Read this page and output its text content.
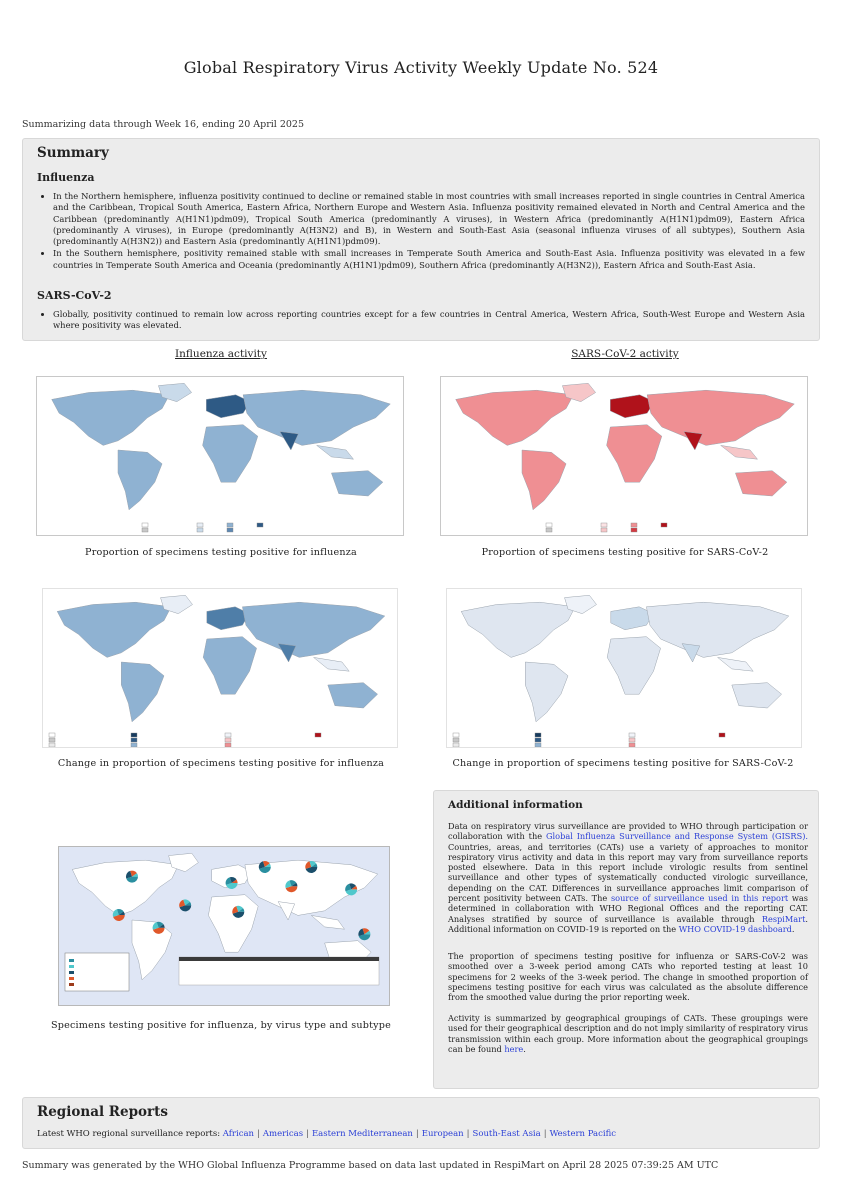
Global Respiratory Virus Activity Weekly Update No. 524
Summarizing data through Week 16, ending 20 April 2025
Summary
Influenza
• In the Northern hemisphere, influenza positivity continued to decline or remained stable in most countries with small increases reported in single countries in Central America and the Caribbean, Tropical South America, Eastern Africa, Northern Europe and Western Asia. Influenza positivity remained elevated in North and Central America and the Caribbean (predominantly A(H1N1)pdm09), Tropical South America (predominantly A viruses), in Western Africa (predominantly A(H1N1)pdm09), Eastern Africa (predominantly A viruses), in Europe (predominantly A(H3N2) and B), in Western and South-East Asia (seasonal influenza viruses of all subtypes), Southern Asia (predominantly A(H3N2)) and Eastern Asia (predominantly A(H1N1)pdm09).
• In the Southern hemisphere, positivity remained stable with small increases in Temperate South America and South-East Asia. Influenza positivity was elevated in a few countries in Temperate South America and Oceania (predominantly A(H1N1)pdm09), Southern Africa (predominantly A(H3N2)), Eastern Africa and South-East Asia.
SARS-CoV-2
• Globally, positivity continued to remain low across reporting countries except for a few countries in Central America, Western Africa, South-West Europe and Western Asia where positivity was elevated.
Influenza activity	SARS-CoV-2 activity
Proportion of specimens testing positive for influenza	Proportion of specimens testing positive for SARS-CoV-2
Change in proportion of specimens testing positive for influenza	Change in proportion of specimens testing positive for SARS-CoV-2
Specimens testing positive for influenza, by virus type and subtype
Additional information
Data on respiratory virus surveillance are provided to WHO through participation or collaboration with the Global Influenza Surveillance and Response System (GISRS). Countries, areas, and territories (CATs) use a variety of approaches to monitor respiratory virus activity and data in this report may vary from surveillance reports posted elsewhere. Data in this report include virologic results from sentinel surveillance and other types of systematically conducted virologic surveillance, depending on the CAT. Differences in surveillance approaches limit comparison of percent positivity between CATs. The source of surveillance used in this report was determined in collaboration with WHO Regional Offices and the reporting CAT. Analyses stratified by source of surveillance is available through RespiMart. Additional information on COVID-19 is reported on the WHO COVID-19 dashboard.
The proportion of specimens testing positive for influenza or SARS-CoV-2 was smoothed over a 3-week period among CATs who reported testing at least 10 specimens for 2 weeks of the 3-week period. The change in smoothed proportion of specimens testing positive for each virus was calculated as the absolute difference from the smoothed value during the prior reporting week.
Activity is summarized by geographical groupings of CATs. These groupings were used for their geographical description and do not imply similarity of respiratory virus transmission within each group. More information about the geographical groupings can be found here.
Regional Reports
Latest WHO regional surveillance reports: African | Americas | Eastern Mediterranean | European | South-East Asia | Western Pacific
Summary was generated by the WHO Global Influenza Programme based on data last updated in RespiMart on April 28 2025 07:39:25 AM UTC
